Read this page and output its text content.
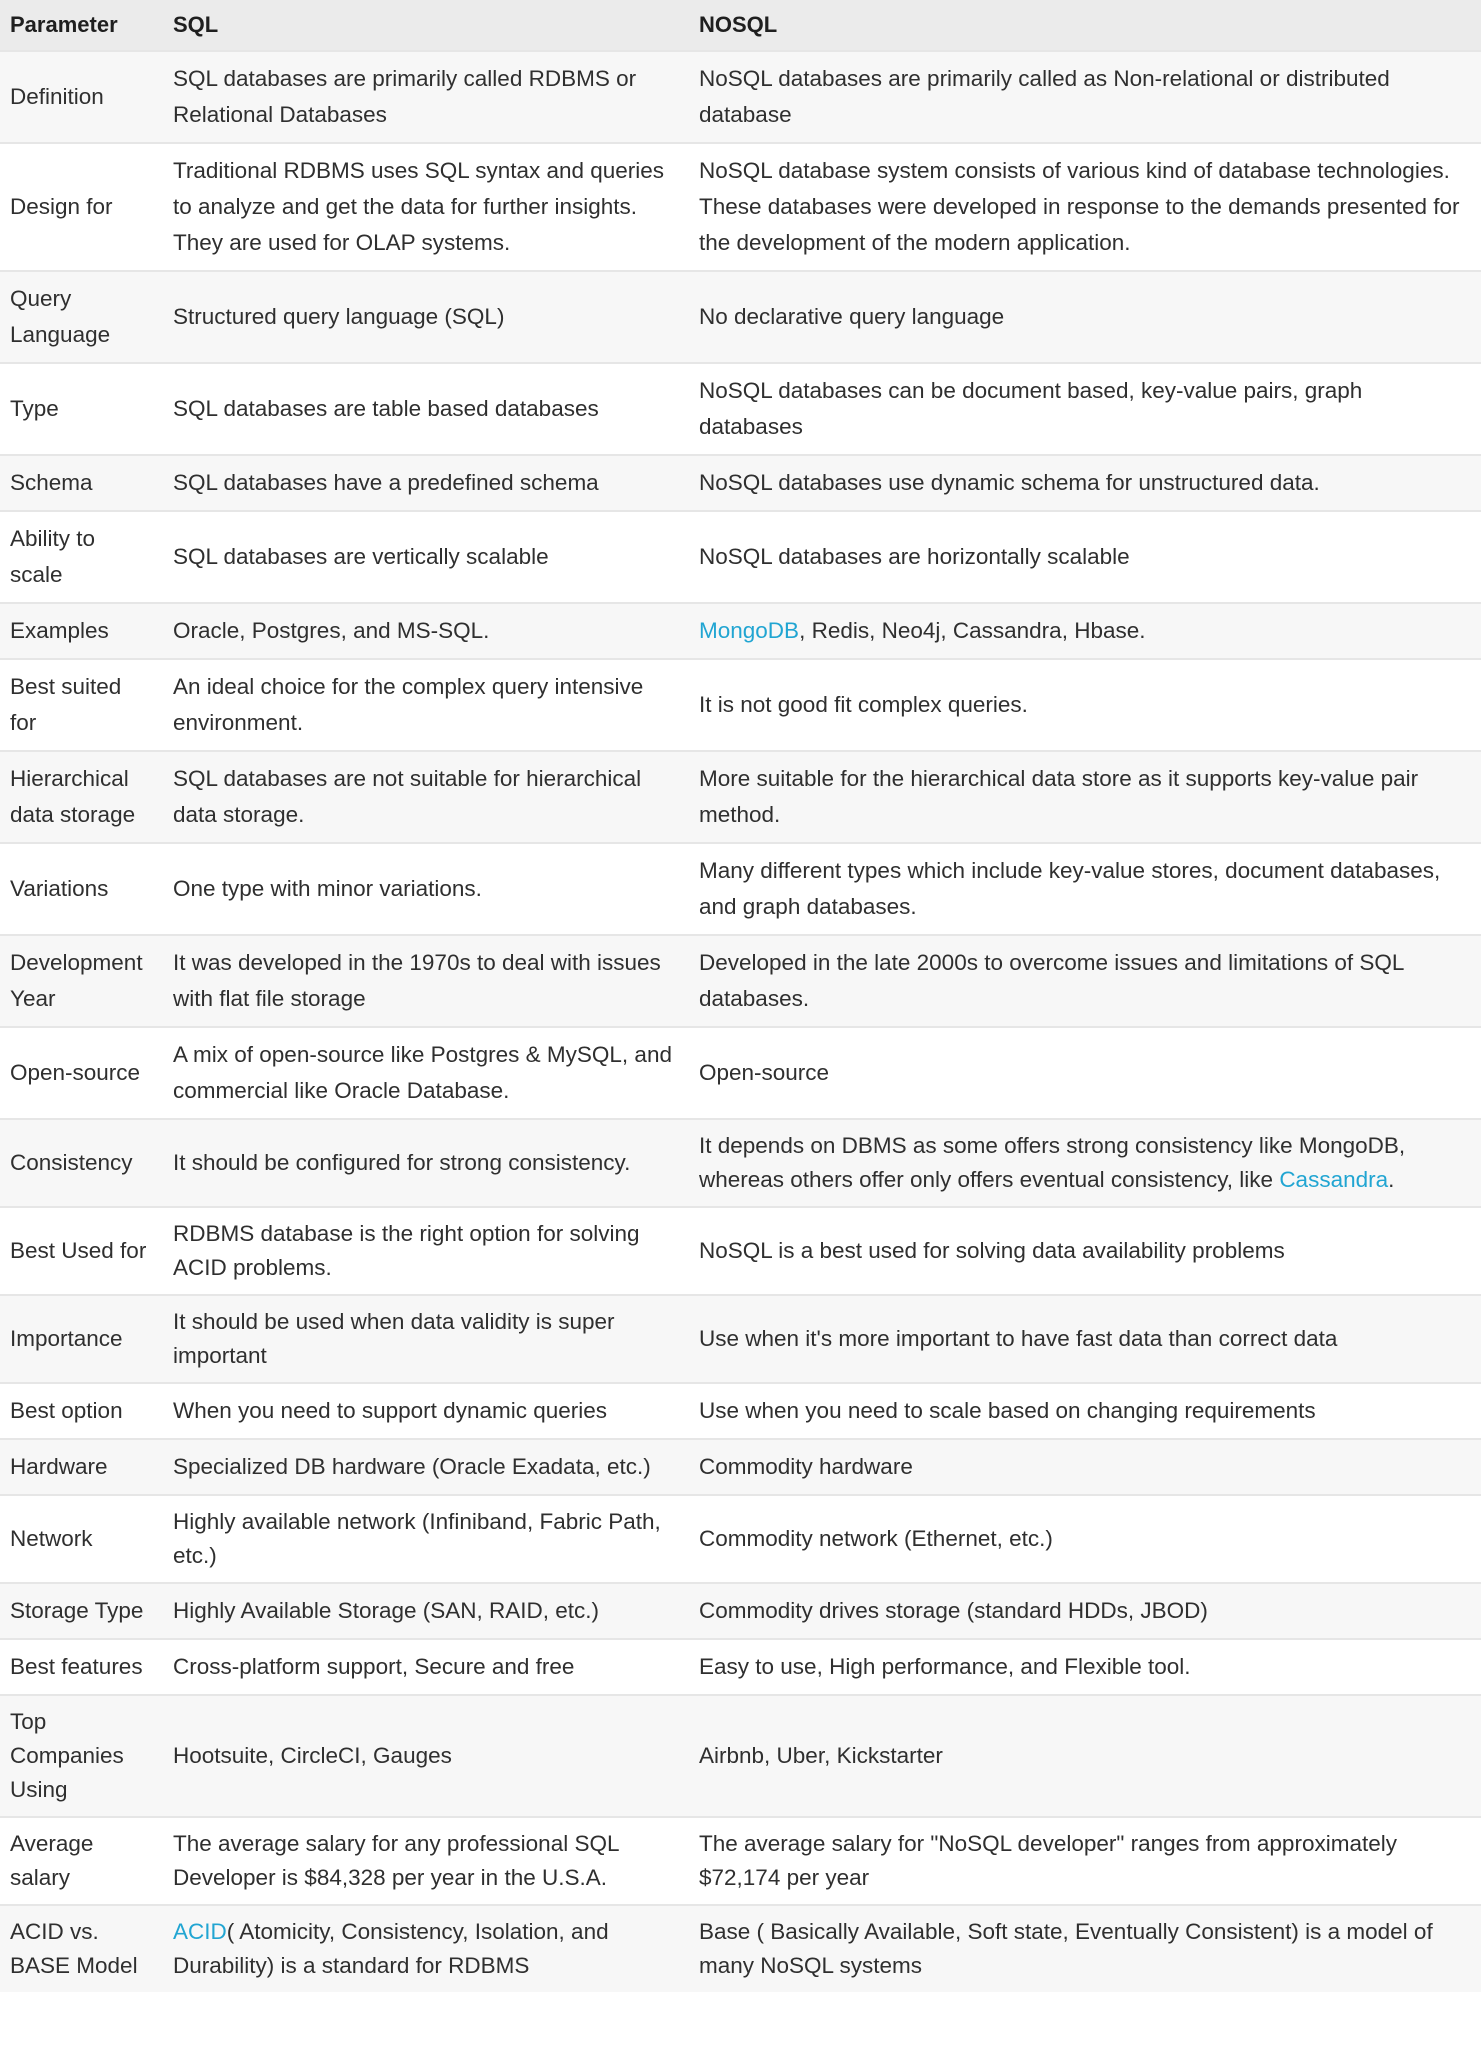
Parameter	SQL	NOSQL
Definition	SQL databases are primarily called RDBMS or Relational Databases	NoSQL databases are primarily called as Non-relational or distributed database
Design for	Traditional RDBMS uses SQL syntax and queries to analyze and get the data for further insights. They are used for OLAP systems.	NoSQL database system consists of various kind of database technologies. These databases were developed in response to the demands presented for the development of the modern application.
Query Language	Structured query language (SQL)	No declarative query language
Type	SQL databases are table based databases	NoSQL databases can be document based, key-value pairs, graph databases
Schema	SQL databases have a predefined schema	NoSQL databases use dynamic schema for unstructured data.
Ability to scale	SQL databases are vertically scalable	NoSQL databases are horizontally scalable
Examples	Oracle, Postgres, and MS-SQL.	MongoDB, Redis, Neo4j, Cassandra, Hbase.
Best suited for	An ideal choice for the complex query intensive environment.	It is not good fit complex queries.
Hierarchical data storage	SQL databases are not suitable for hierarchical data storage.	More suitable for the hierarchical data store as it supports key-value pair method.
Variations	One type with minor variations.	Many different types which include key-value stores, document databases, and graph databases.
Development Year	It was developed in the 1970s to deal with issues with flat file storage	Developed in the late 2000s to overcome issues and limitations of SQL databases.
Open-source	A mix of open-source like Postgres & MySQL, and commercial like Oracle Database.	Open-source
Consistency	It should be configured for strong consistency.	It depends on DBMS as some offers strong consistency like MongoDB, whereas others offer only offers eventual consistency, like Cassandra.
Best Used for	RDBMS database is the right option for solving ACID problems.	NoSQL is a best used for solving data availability problems
Importance	It should be used when data validity is super important	Use when it's more important to have fast data than correct data
Best option	When you need to support dynamic queries	Use when you need to scale based on changing requirements
Hardware	Specialized DB hardware (Oracle Exadata, etc.)	Commodity hardware
Network	Highly available network (Infiniband, Fabric Path, etc.)	Commodity network (Ethernet, etc.)
Storage Type	Highly Available Storage (SAN, RAID, etc.)	Commodity drives storage (standard HDDs, JBOD)
Best features	Cross-platform support, Secure and free	Easy to use, High performance, and Flexible tool.
Top Companies Using	Hootsuite, CircleCI, Gauges	Airbnb, Uber, Kickstarter
Average salary	The average salary for any professional SQL Developer is $84,328 per year in the U.S.A.	The average salary for "NoSQL developer" ranges from approximately $72,174 per year
ACID vs. BASE Model	ACID( Atomicity, Consistency, Isolation, and Durability) is a standard for RDBMS	Base ( Basically Available, Soft state, Eventually Consistent) is a model of many NoSQL systems
